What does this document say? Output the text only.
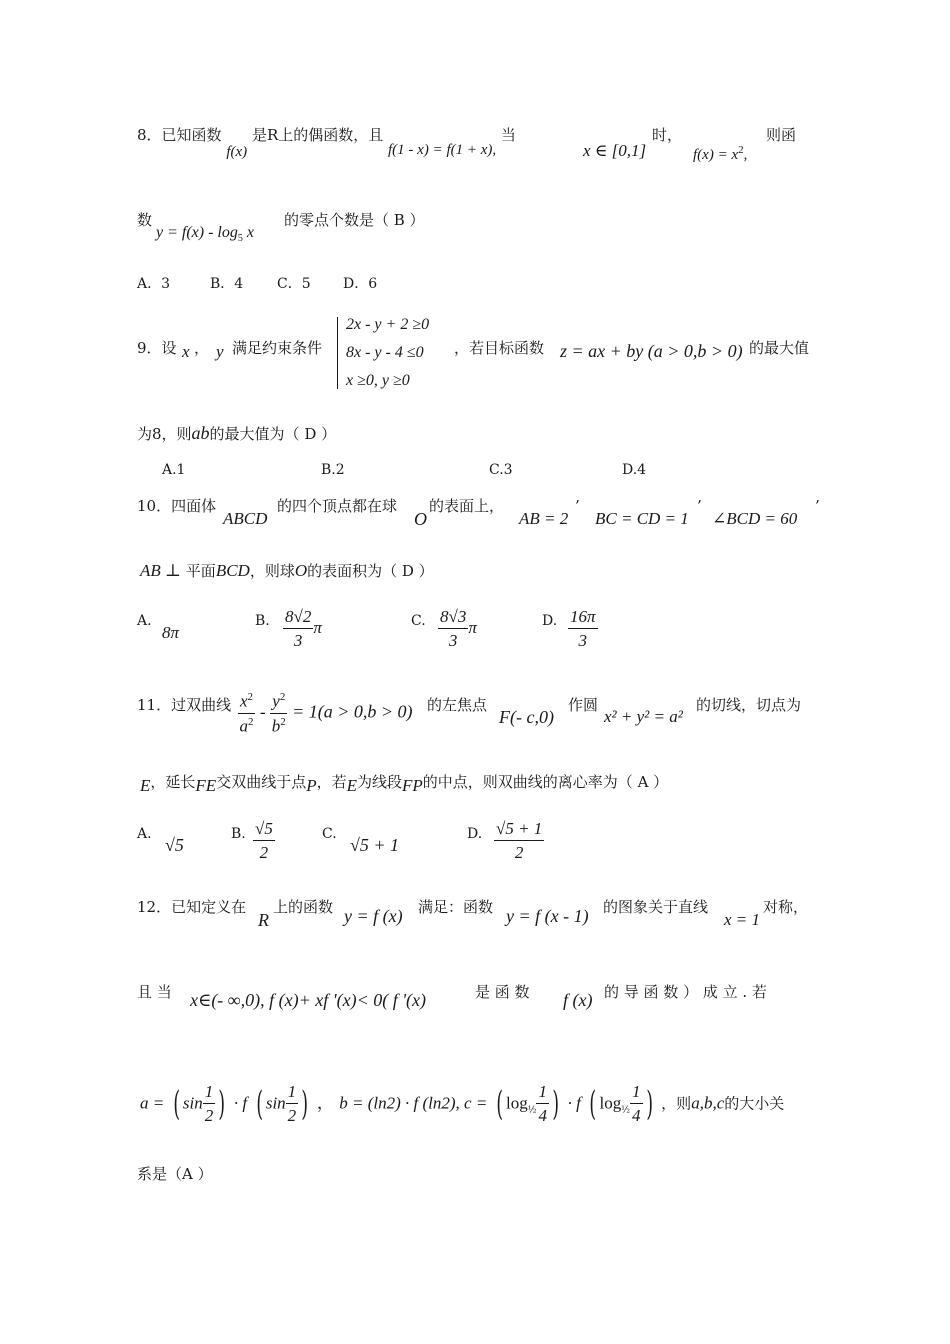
8．已知函数 f(x) 是R上的偶函数，且 f(1 - x) = f(1 + x), 当
x ∈ [0,1]
时，
$f(x) = x^2$,
则函
数
$y = f(x) - \log_5 x$
的零点个数是（ B ）
A．3	B．4 C．5 D．6
9．设 x ， y 满足约束条件
2x - y + 2 ≥0
8x - y - 4 ≤0
x ≥0, y ≥0
，若目标函数 z = ax + by (a > 0,b > 0) 的最大值
为8，则ab的最大值为（ D ）
A.1	B.2	C.3	D.4
10．四面体
ABCD
的四个顶点都在球
O
的表面上，
AB = 2
’
BC = CD = 1
’
∠BCD = 60
’
AB ⊥ 平面BCD，则球O的表面积为（ D ）
A.
8π
B. $\frac{8√2}{3}$ π	C. $\frac{8√3}{3}$ π	D. $\frac{16\pi}{3}$
11．过双曲线 $\frac{x^2}{a^2} - \frac{y^2}{b^2} = 1(a > 0,b > 0)$ 的左焦点
F(- c,0)
作圆
x² + y² = a²
的切线，切点为
E，延长FE交双曲线于点P，若E为线段FP的中点，则双曲线的离心率为（ A ）
A.
√5
B. $\frac{√5}{2}$	C.
√5 + 1
D. $\frac{√5 + 1}{2}$
12．已知定义在
R
上的函数 y = f (x) 满足：函数 y = f (x - 1) 的图象关于直线
x = 1
对称，
且 当 x∈(- ∞,0), f (x)+ xf '(x)< 0( f '(x)	是 函 数 f (x) 的 导 函 数 ） 成 立 . 若
a = ( $\sin \frac{1}{2}$ ) · f ( $\sin \frac{1}{2}$ ) ， b = (ln2) · f (ln2), c = ( $\log_{\frac{1}{2}} \frac{1}{4}$ ) · f ( $\log_{\frac{1}{2}} \frac{1}{4}$ ) ，则a,b,c的大小关
系是（A ）
